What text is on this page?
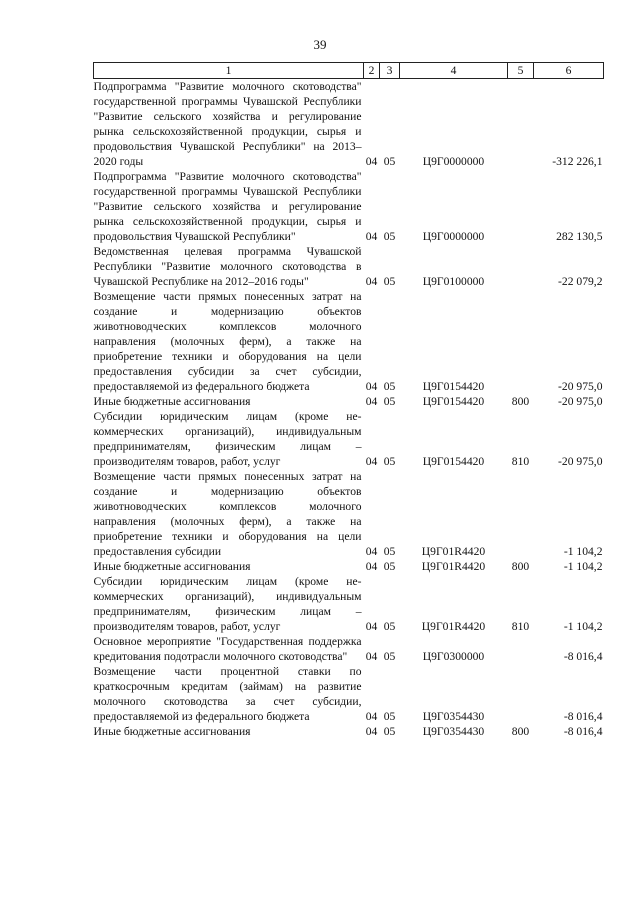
39
1	2	3	4	5	6
Подпрограмма "Развитие молочного скотоводства" государственной программы Чувашской Республики "Развитие сельского хозяйства и регулирование рынка сельскохозяйственной продукции, сырья и продовольствия Чувашской Республики" на 2013–2020 годы	04	05	Ц9Г0000000		-312 226,1
Подпрограмма "Развитие молочного скотоводства" государственной программы Чувашской Республики "Развитие сельского хозяйства и регулирование рынка сельскохозяйственной продукции, сырья и продовольствия Чувашской Республики"	04	05	Ц9Г0000000		282 130,5
Ведомственная целевая программа Чувашской Республики "Развитие молочного скотоводства в Чувашской Республике на 2012–2016 годы"	04	05	Ц9Г0100000		-22 079,2
Возмещение части прямых понесенных затрат на создание и модернизацию объектов животноводческих комплексов молочного направления (молочных ферм), а также на приобретение техники и оборудования на цели предоставления субсидии за счет субсидии, предоставляемой из федерального бюджета	04	05	Ц9Г0154420		-20 975,0
Иные бюджетные ассигнования	04	05	Ц9Г0154420	800	-20 975,0
Субсидии юридическим лицам (кроме некоммерческих организаций), индивидуальным предпринимателям, физическим лицам – производителям товаров, работ, услуг	04	05	Ц9Г0154420	810	-20 975,0
Возмещение части прямых понесенных затрат на создание и модернизацию объектов животноводческих комплексов молочного направления (молочных ферм), а также на приобретение техники и оборудования на цели предоставления субсидии	04	05	Ц9Г01R4420		-1 104,2
Иные бюджетные ассигнования	04	05	Ц9Г01R4420	800	-1 104,2
Субсидии юридическим лицам (кроме некоммерческих организаций), индивидуальным предпринимателям, физическим лицам – производителям товаров, работ, услуг	04	05	Ц9Г01R4420	810	-1 104,2
Основное мероприятие "Государственная поддержка кредитования подотрасли молочного скотоводства"	04	05	Ц9Г0300000		-8 016,4
Возмещение части процентной ставки по краткосрочным кредитам (займам) на развитие молочного скотоводства за счет субсидии, предоставляемой из федерального бюджета	04	05	Ц9Г0354430		-8 016,4
Иные бюджетные ассигнования	04	05	Ц9Г0354430	800	-8 016,4
